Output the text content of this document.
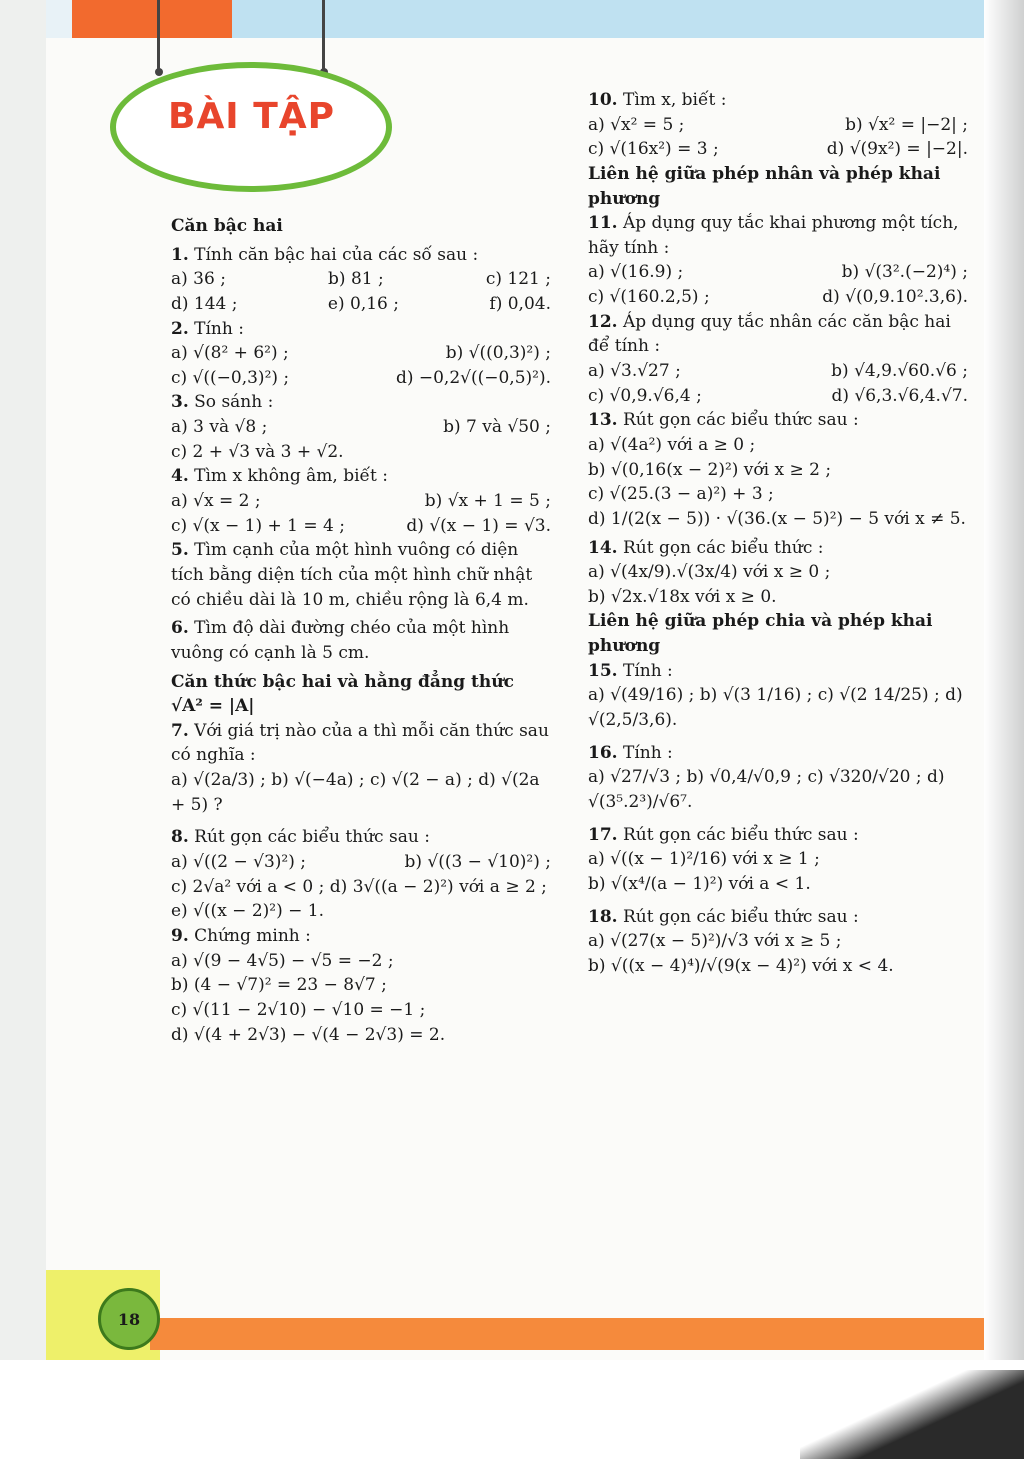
BÀI TẬP
18
Căn bậc hai
1. Tính căn bậc hai của các số sau :
a) 36 ;	b) 81 ;	c) 121 ;
d) 144 ;	e) 0,16 ;	f) 0,04.
2. Tính :
a) √(8² + 6²) ;	b) √((0,3)²) ;
c) √((−0,3)²) ;	d) −0,2√((−0,5)²).
3. So sánh :
a) 3 và √8 ;	b) 7 và √50 ;
c) 2 + √3 và 3 + √2.
4. Tìm x không âm, biết :
a) √x = 2 ;	b) √x + 1 = 5 ;
c) √(x − 1) + 1 = 4 ;	d) √(x − 1) = √3.
5. Tìm cạnh của một hình vuông có diện tích bằng diện tích của một hình chữ nhật có chiều dài là 10 m, chiều rộng là 6,4 m.
6. Tìm độ dài đường chéo của một hình vuông có cạnh là 5 cm.
Căn thức bậc hai và hằng đẳng thức
√A² = |A|
7. Với giá trị nào của a thì mỗi căn thức sau có nghĩa :
a) √(2a/3) ; b) √(−4a) ; c) √(2 − a) ; d) √(2a + 5) ?
8. Rút gọn các biểu thức sau :
a) √((2 − √3)²) ;	b) √((3 − √10)²) ;
c) 2√a² với a < 0 ; d) 3√((a − 2)²) với a ≥ 2 ;
e) √((x − 2)²) − 1.
9. Chứng minh :
a) √(9 − 4√5) − √5 = −2 ;
b) (4 − √7)² = 23 − 8√7 ;
c) √(11 − 2√10) − √10 = −1 ;
d) √(4 + 2√3) − √(4 − 2√3) = 2.
10. Tìm x, biết :
a) √x² = 5 ;	b) √x² = |−2| ;
c) √(16x²) = 3 ;	d) √(9x²) = |−2|.
Liên hệ giữa phép nhân và phép khai phương
11. Áp dụng quy tắc khai phương một tích, hãy tính :
a) √(16.9) ;	b) √(3².(−2)⁴) ;
c) √(160.2,5) ;	d) √(0,9.10².3,6).
12. Áp dụng quy tắc nhân các căn bậc hai để tính :
a) √3.√27 ;	b) √4,9.√60.√6 ;
c) √0,9.√6,4 ;	d) √6,3.√6,4.√7.
13. Rút gọn các biểu thức sau :
a) √(4a²) với a ≥ 0 ;
b) √(0,16(x − 2)²) với x ≥ 2 ;
c) √(25.(3 − a)²) + 3 ;
d) 1/(2(x − 5)) · √(36.(x − 5)²) − 5 với x ≠ 5.
14. Rút gọn các biểu thức :
a) √(4x/9).√(3x/4) với x ≥ 0 ;
b) √2x.√18x với x ≥ 0.
Liên hệ giữa phép chia và phép khai phương
15. Tính :
a) √(49/16) ; b) √(3 1/16) ; c) √(2 14/25) ; d) √(2,5/3,6).
16. Tính :
a) √27/√3 ; b) √0,4/√0,9 ; c) √320/√20 ; d) √(3⁵.2³)/√6⁷.
17. Rút gọn các biểu thức sau :
a) √((x − 1)²/16) với x ≥ 1 ;
b) √(x⁴/(a − 1)²) với a < 1.
18. Rút gọn các biểu thức sau :
a) √(27(x − 5)²)/√3 với x ≥ 5 ;
b) √((x − 4)⁴)/√(9(x − 4)²) với x < 4.
